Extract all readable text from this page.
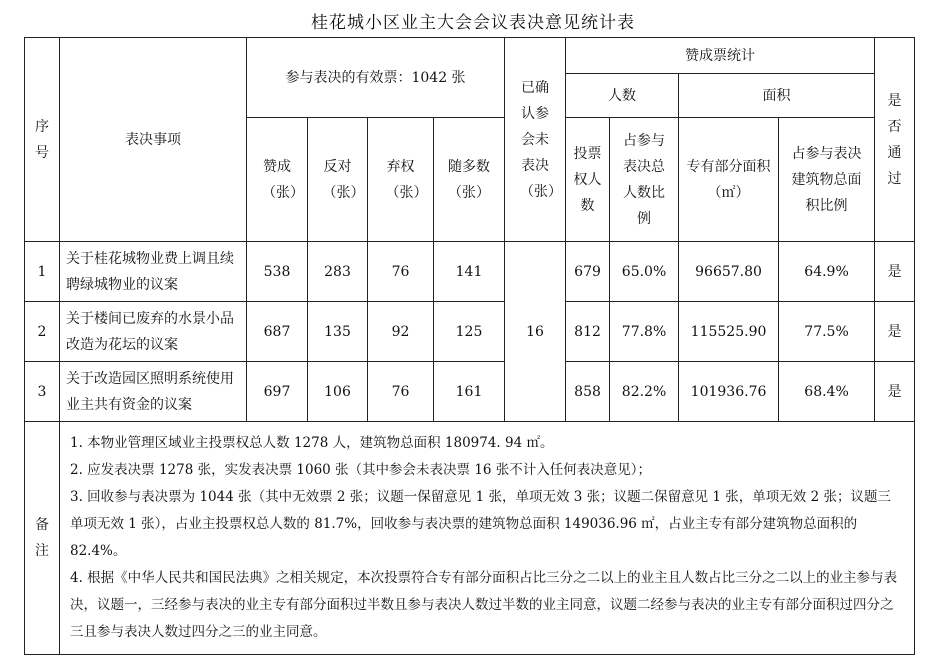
桂花城小区业主大会会议表决意见统计表
序号	表决事项	参与表决的有效票：1042 张				已确认参会未表决（张）	赞成票统计				是否通过

							人数		面积		

		赞成（张）	反对（张）	弃权（张）	随多数（张）		投票权人数	占参与表决总人数比例	专有部分面积（㎡）	占参与表决建筑物总面积比例	

1	关于桂花城物业费上调且续聘绿城物业的议案	538	283	76	141	16	679	65.0%	96657.80	64.9%	是
2	关于楼间已废弃的水景小品改造为花坛的议案	687	135	92	125		812	77.8%	115525.90	77.5%	是
3	关于改造园区照明系统使用业主共有资金的议案	697	106	76	161		858	82.2%	101936.76	68.4%	是

备注	1. 本物业管理区域业主投票权总人数 1278 人，建筑物总面积 180974. 94 ㎡。

2. 应发表决票 1278 张，实发表决票 1060 张（其中参会未表决票 16 张不计入任何表决意见）；

3. 回收参与表决票为 1044 张（其中无效票 2 张；议题一保留意见 1 张，单项无效 3 张；议题二保留意见 1 张，单项无效 2 张；议题三单项无效 1 张），占业主投票权总人数的 81.7%，回收参与表决票的建筑物总面积 149036.96 ㎡，占业主专有部分建筑物总面积的 82.4%。

4. 根据《中华人民共和国民法典》之相关规定，本次投票符合专有部分面积占比三分之二以上的业主且人数占比三分之二以上的业主参与表决，议题一，三经参与表决的业主专有部分面积过半数且参与表决人数过半数的业主同意，议题二经参与表决的业主专有部分面积过四分之三且参与表决人数过四分之三的业主同意。										
